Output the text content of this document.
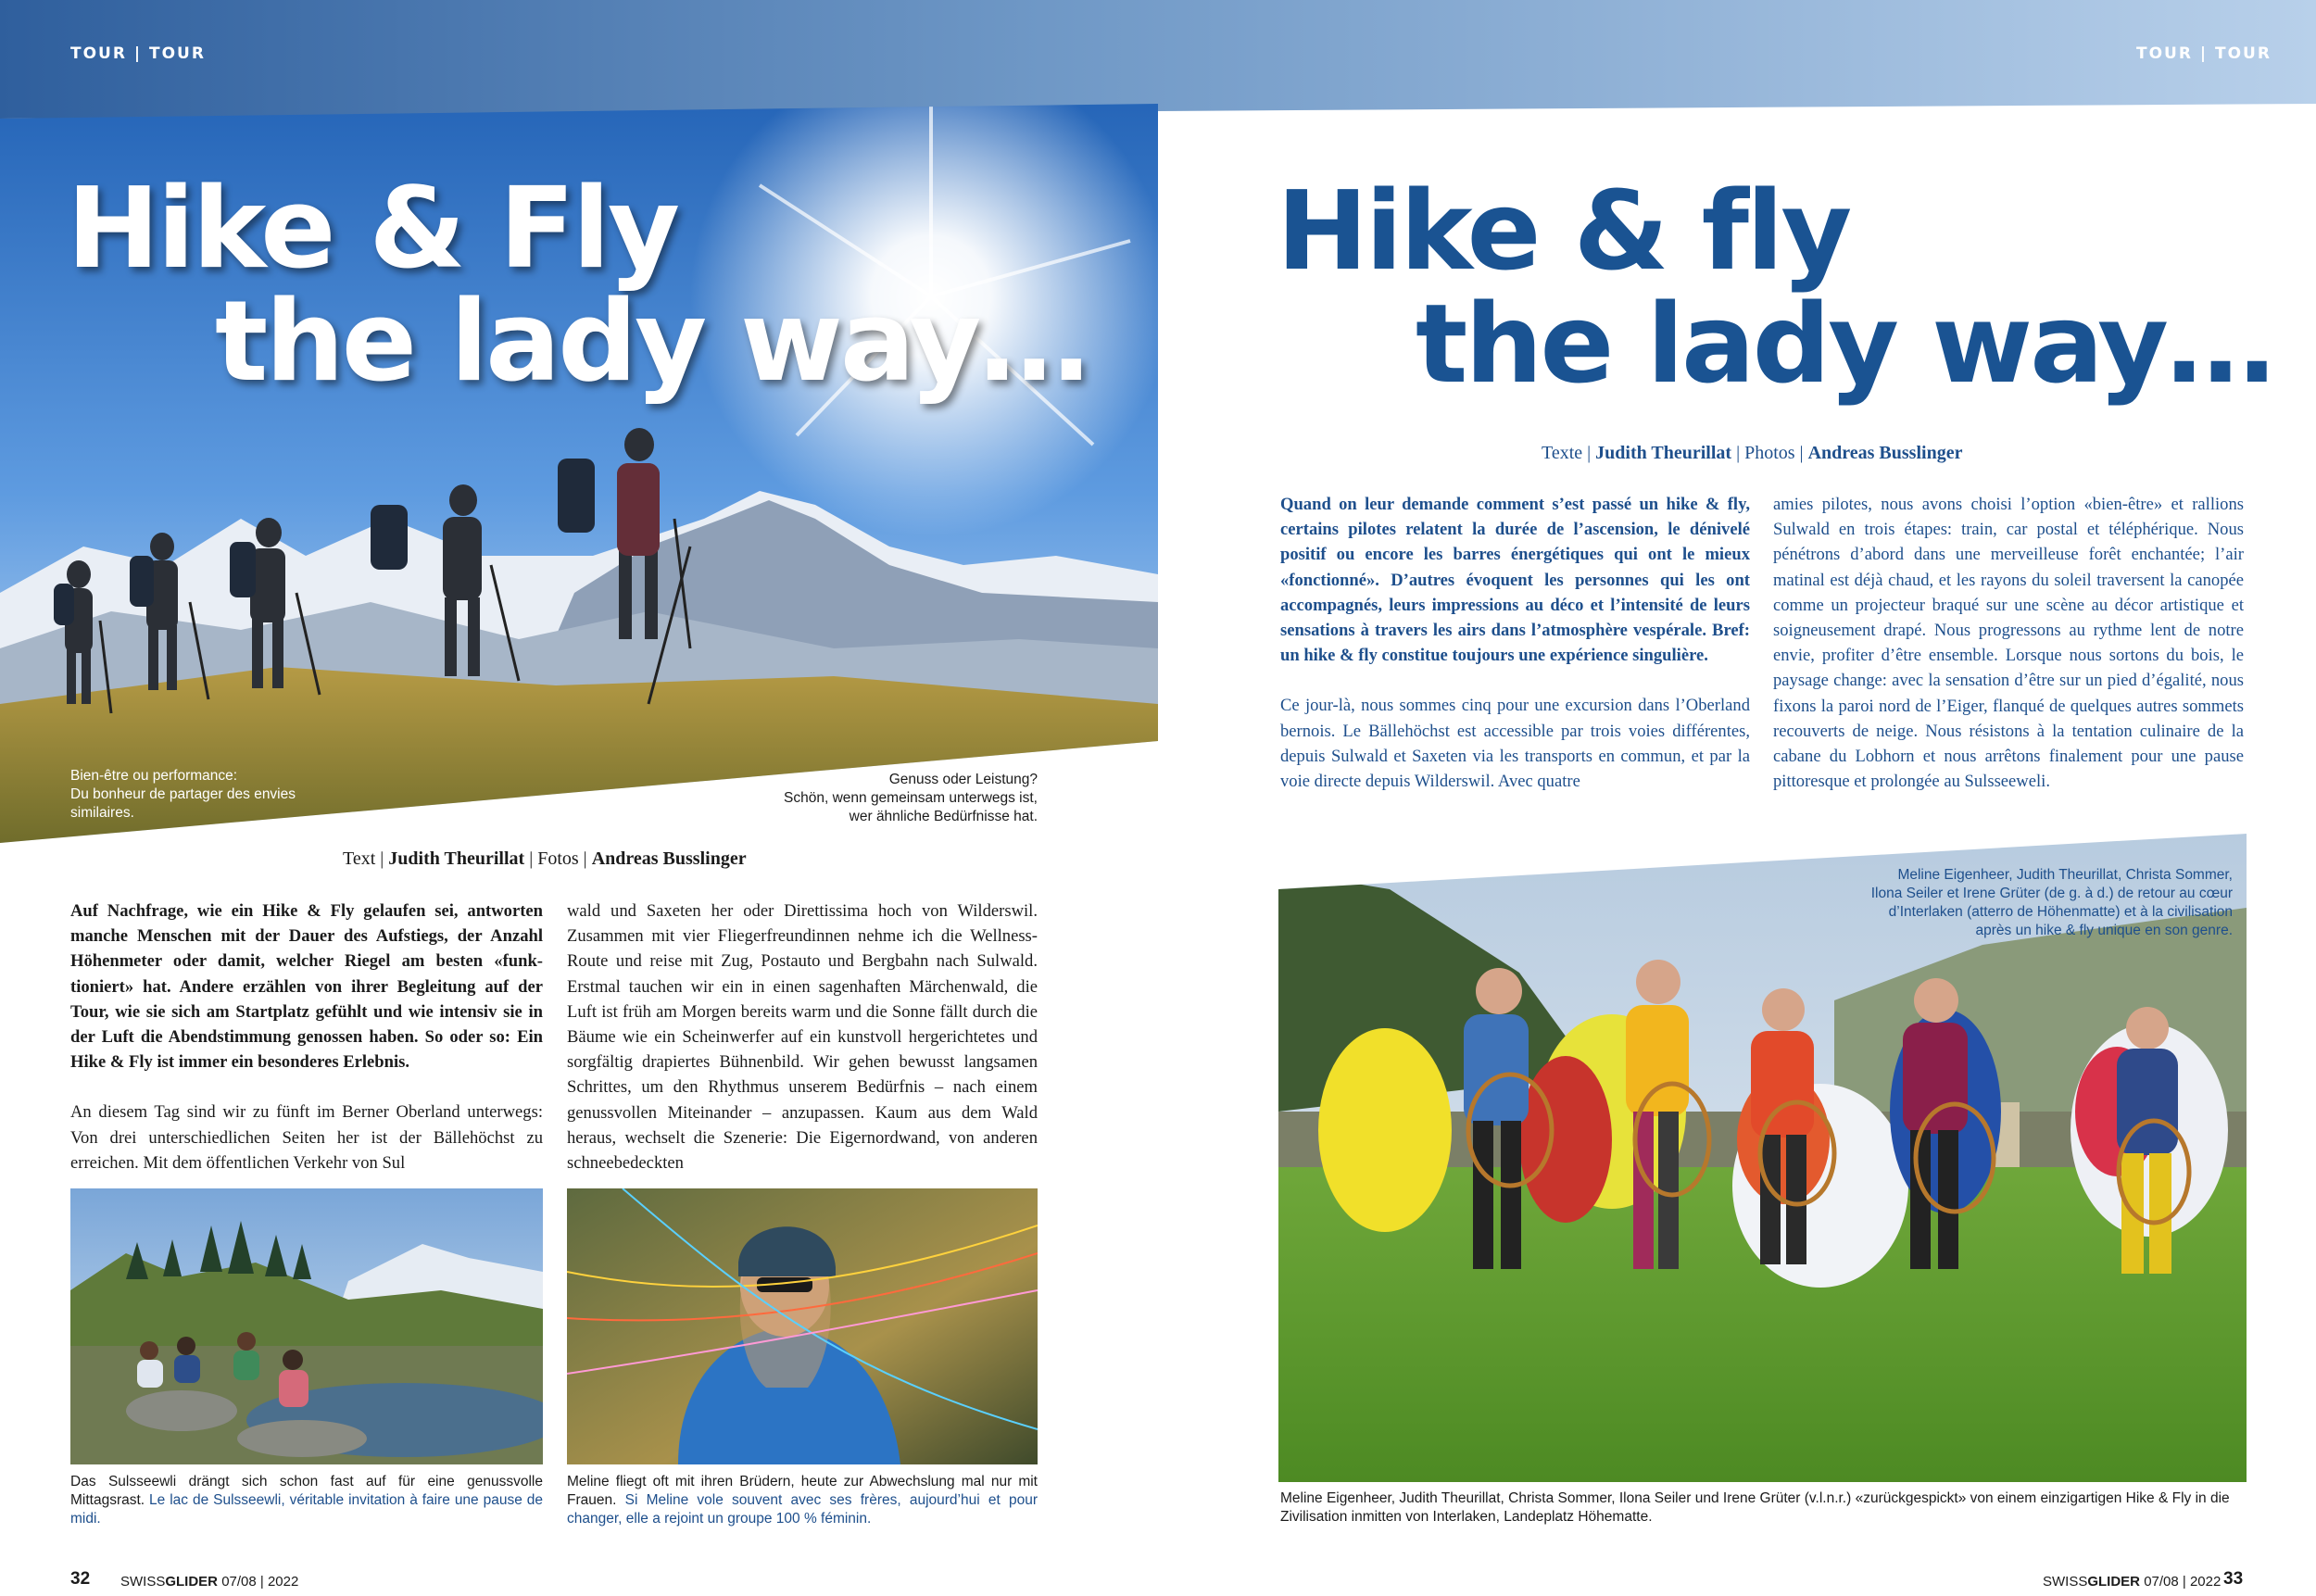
TOUR | TOUR	TOUR | TOUR
Hike & Fly
the lady way…
Bien-être ou performance:
Du bonheur de partager des envies
similaires.
Genuss oder Leistung?
Schön, wenn gemeinsam unterwegs ist,
wer ähnliche Bedürfnisse hat.
Text | Judith Theurillat | Fotos | Andreas Busslinger

Auf Nachfrage, wie ein Hike & Fly gelaufen sei, antworten manche Menschen mit der Dauer des Aufstiegs, der Anzahl Höhenmeter oder damit, welcher Riegel am besten «funktioniert» hat. Andere erzählen von ihrer Begleitung auf der Tour, wie sie sich am Startplatz gefühlt und wie intensiv sie in der Luft die Abendstimmung genossen haben. So oder so: Ein Hike & Fly ist immer ein besonderes Erlebnis.

An diesem Tag sind wir zu fünft im Berner Oberland unterwegs: Von drei unterschiedlichen Seiten her ist der Bällehöchst zu erreichen. Mit dem öffentlichen Verkehr von Sul

wald und Saxeten her oder Direttissima hoch von Wilderswil. Zusammen mit vier Fliegerfreundinnen nehme ich die Wellness-Route und reise mit Zug, Postauto und Bergbahn nach Sulwald. Erstmal tauchen wir ein in einen sagenhaften Märchenwald, die Luft ist früh am Morgen bereits warm und die Sonne fällt durch die Bäume wie ein Scheinwerfer auf ein kunstvoll hergerichtetes und sorgfältig drapiertes Bühnenbild. Wir gehen bewusst langsamen Schrittes, um den Rhythmus unserem Bedürfnis – nach einem genussvollen Miteinander – anzupassen. Kaum aus dem Wald heraus, wechselt die Szenerie: Die Eigernordwand, von anderen schneebedeckten

Das Sulsseewli drängt sich schon fast auf für eine genussvolle Mittagsrast. Le lac de Sulsseewli, véritable invitation à faire une pause de midi.
Meline fliegt oft mit ihren Brüdern, heute zur Abwechslung mal nur mit Frauen. Si Meline vole souvent avec ses frères, aujourd’hui et pour changer, elle a rejoint un groupe 100 % féminin.
32 SWISSGLIDER 07/08 | 2022
Hike & fly
the lady way…
Texte | Judith Theurillat | Photos | Andreas Busslinger

Quand on leur demande comment s’est passé un hike & fly, certains pilotes relatent la durée de l’ascension, le dénivelé positif ou encore les barres énergétiques qui ont le mieux «fonctionné». D’autres évoquent les personnes qui les ont accompagnés, leurs impressions au déco et l’intensité de leurs sensations à travers les airs dans l’atmosphère vespérale. Bref: un hike & fly constitue toujours une expérience singulière.

Ce jour-là, nous sommes cinq pour une excursion dans l’Oberland bernois. Le Bällehöchst est accessible par trois voies différentes, depuis Sulwald et Saxeten via les transports en commun, et par la voie directe depuis Wilderswil. Avec quatre

amies pilotes, nous avons choisi l’option «bien-être» et rallions Sulwald en trois étapes: train, car postal et téléphérique. Nous pénétrons d’abord dans une merveilleuse forêt enchantée; l’air matinal est déjà chaud, et les rayons du soleil traversent la canopée comme un projecteur braqué sur une scène au décor artistique et soigneusement drapé. Nous progressons au rythme lent de notre envie, profiter d’être ensemble. Lorsque nous sortons du bois, le paysage change: avec la sensation d’être sur un pied d’égalité, nous fixons la paroi nord de l’Eiger, flanqué de quelques autres sommets recouverts de neige. Nous résistons à la tentation culinaire de la cabane du Lobhorn et nous arrêtons finalement pour une pause pittoresque et prolongée au Sulsseeweli.

Meline Eigenheer, Judith Theurillat, Christa Sommer,
Ilona Seiler et Irene Grüter (de g. à d.) de retour au cœur
d’Interlaken (atterro de Höhenmatte) et à la civilisation
après un hike & fly unique en son genre.
Meline Eigenheer, Judith Theurillat, Christa Sommer, Ilona Seiler und Irene Grüter (v.l.n.r.) «zurückgespickt» von einem einzigartigen Hike & Fly in die Zivilisation inmitten von Interlaken, Landeplatz Höhematte.
SWISSGLIDER 07/08 | 2022 33
